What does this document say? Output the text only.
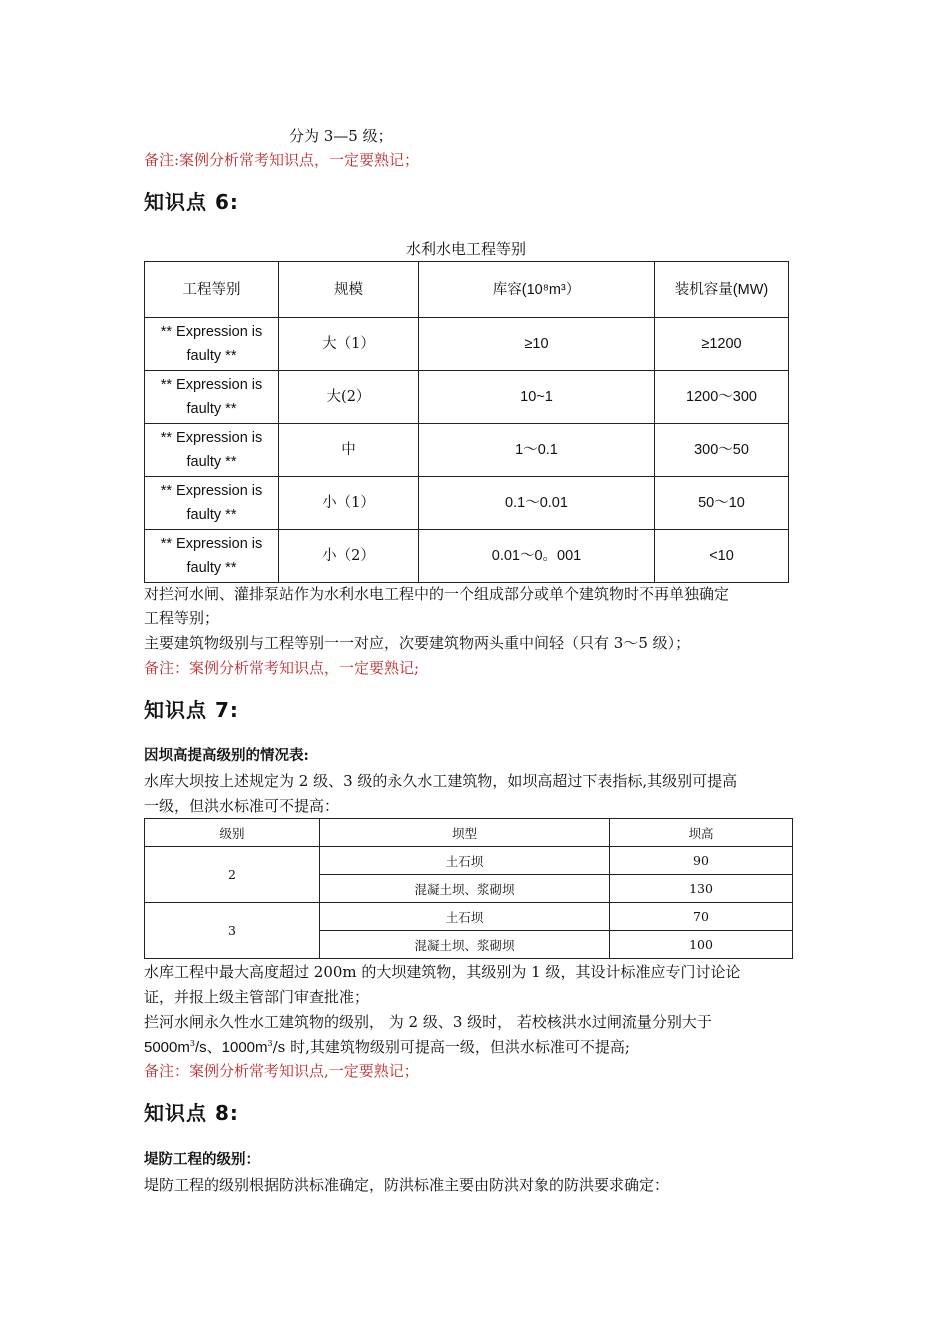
分为 3—5 级；
备注:案例分析常考知识点，一定要熟记；
知识点 6:
水利水电工程等别
工程等别	规模	库容(10⁸m³）	装机容量(MW)
** Expression is faulty **	大（1）	≥10	≥1200
** Expression is faulty **	大(2）	10~1	1200～300
** Expression is faulty **	中	1～0.1	300～50
** Expression is faulty **	小（1）	0.1～0.01	50～10
** Expression is faulty **	小（2）	0.01～0。001	<10
对拦河水闸、灌排泵站作为水利水电工程中的一个组成部分或单个建筑物时不再单独确定
工程等别；
主要建筑物级别与工程等别一一对应，次要建筑物两头重中间轻（只有 3～5 级）；
备注：案例分析常考知识点，一定要熟记;
知识点 7:
因坝高提高级别的情况表:
水库大坝按上述规定为 2 级、3 级的永久水工建筑物，如坝高超过下表指标,其级别可提高
一级，但洪水标准可不提高：
级别	坝型	坝高
2	土石坝	90
	混凝土坝、浆砌坝	130
3	土石坝	70
	混凝土坝、浆砌坝	100
水库工程中最大高度超过 200m 的大坝建筑物，其级别为 1 级，其设计标准应专门讨论论
证，并报上级主管部门审查批准；
拦河水闸永久性水工建筑物的级别， 为 2 级、3 级时， 若校核洪水过闸流量分别大于
$5000m^3/s$、$1000m^3/s$ 时,其建筑物级别可提高一级，但洪水标准可不提高;
备注：案例分析常考知识点,一定要熟记；
知识点 8:
堤防工程的级别：
堤防工程的级别根据防洪标准确定，防洪标准主要由防洪对象的防洪要求确定：
